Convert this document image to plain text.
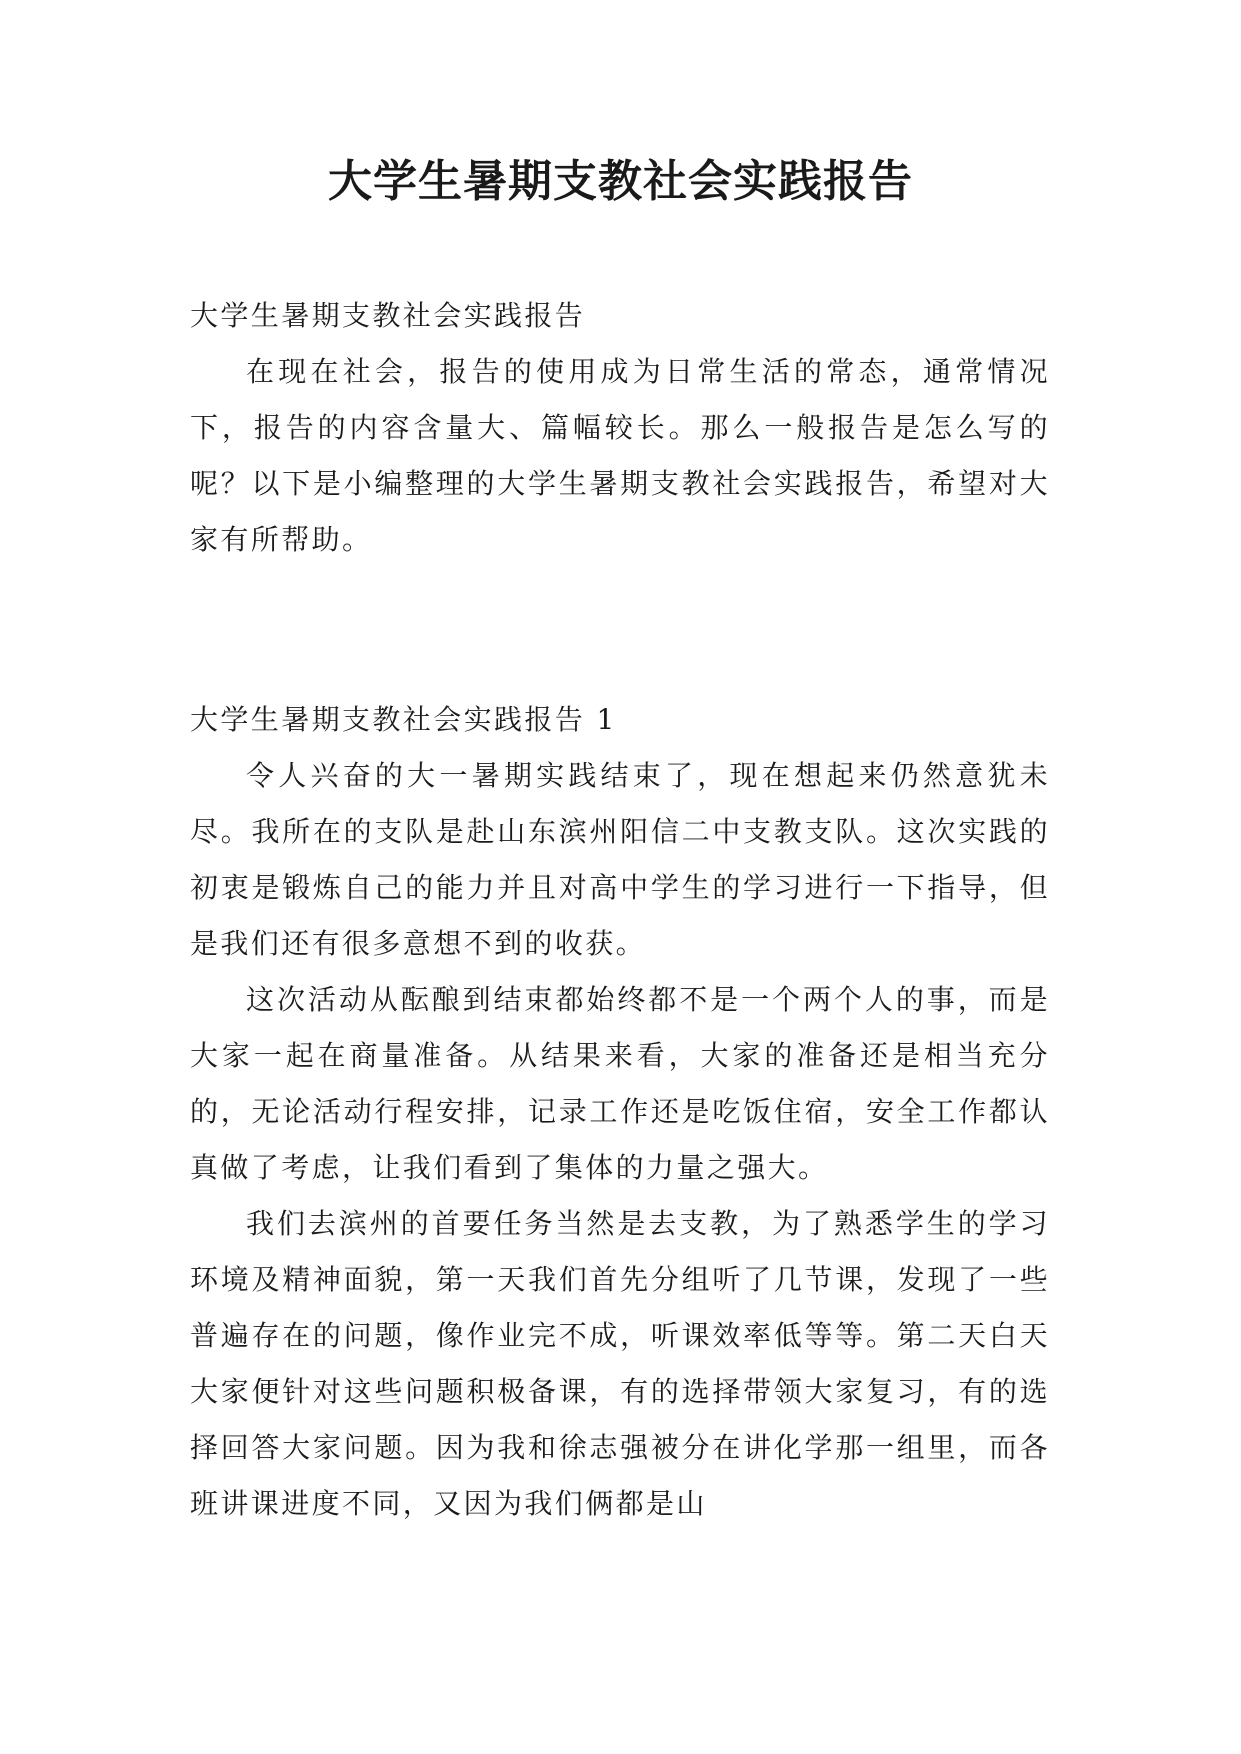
大学生暑期支教社会实践报告

大学生暑期支教社会实践报告

在现在社会，报告的使用成为日常生活的常态，通常情况下，报告的内容含量大、篇幅较长。那么一般报告是怎么写的呢？以下是小编整理的大学生暑期支教社会实践报告，希望对大家有所帮助。

大学生暑期支教社会实践报告 1

令人兴奋的大一暑期实践结束了，现在想起来仍然意犹未尽。我所在的支队是赴山东滨州阳信二中支教支队。这次实践的初衷是锻炼自己的能力并且对高中学生的学习进行一下指导，但是我们还有很多意想不到的收获。

这次活动从酝酿到结束都始终都不是一个两个人的事，而是大家一起在商量准备。从结果来看，大家的准备还是相当充分的，无论活动行程安排，记录工作还是吃饭住宿，安全工作都认真做了考虑，让我们看到了集体的力量之强大。

我们去滨州的首要任务当然是去支教，为了熟悉学生的学习环境及精神面貌，第一天我们首先分组听了几节课，发现了一些普遍存在的问题，像作业完不成，听课效率低等等。第二天白天大家便针对这些问题积极备课，有的选择带领大家复习，有的选择回答大家问题。因为我和徐志强被分在讲化学那一组里，而各班讲课进度不同，又因为我们俩都是山
